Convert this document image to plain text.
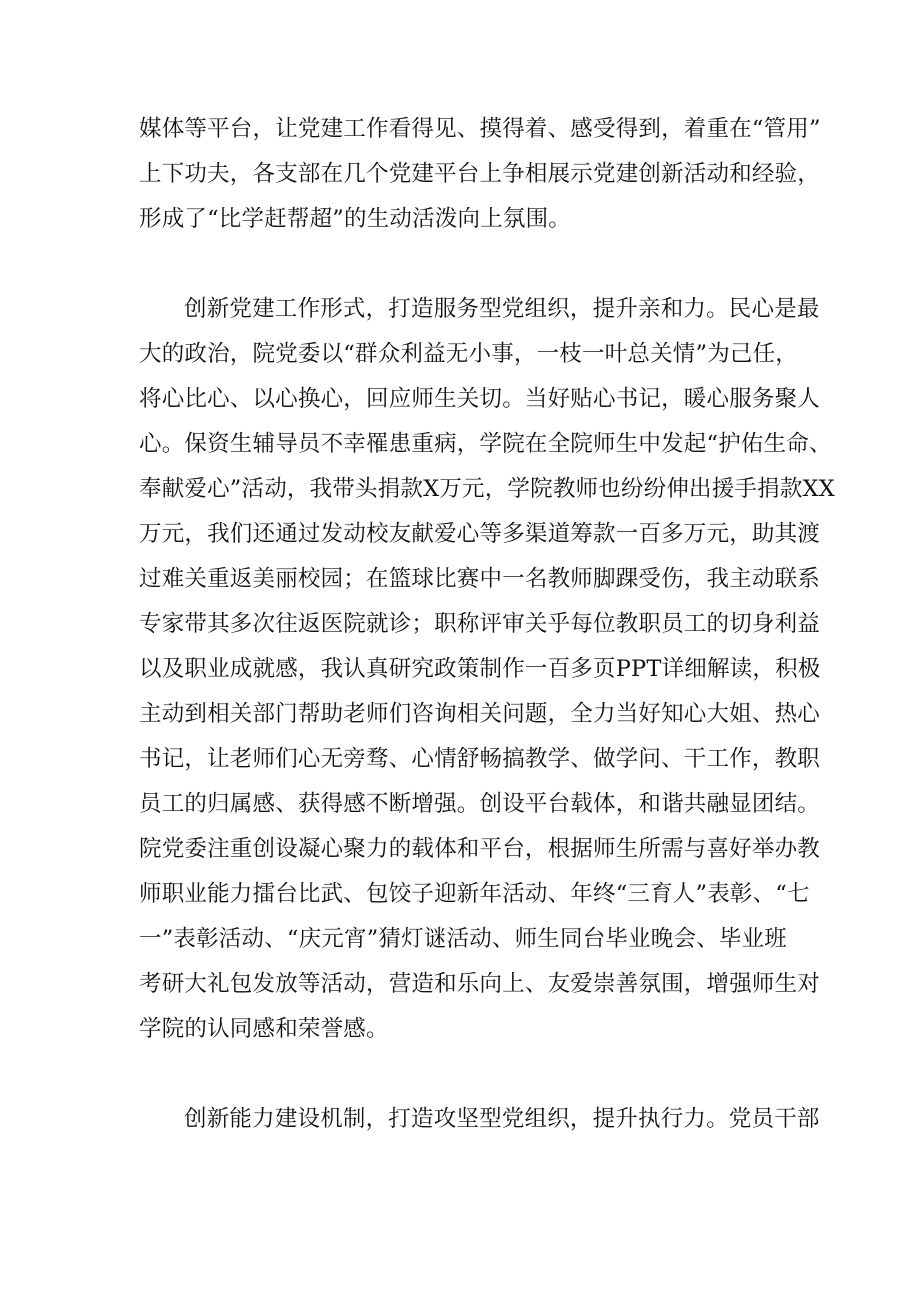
媒体等平台，让党建工作看得见、摸得着、感受得到，着重在“管用”
上下功夫，各支部在几个党建平台上争相展示党建创新活动和经验，
形成了“比学赶帮超”的生动活泼向上氛围。
创新党建工作形式，打造服务型党组织，提升亲和力。民心是最
大的政治，院党委以“群众利益无小事，一枝一叶总关情”为己任，
将心比心、以心换心，回应师生关切。当好贴心书记，暖心服务聚人
心。保资生辅导员不幸罹患重病，学院在全院师生中发起“护佑生命、
奉献爱心”活动，我带头捐款X万元，学院教师也纷纷伸出援手捐款XX
万元，我们还通过发动校友献爱心等多渠道筹款一百多万元，助其渡
过难关重返美丽校园；在篮球比赛中一名教师脚踝受伤，我主动联系
专家带其多次往返医院就诊；职称评审关乎每位教职员工的切身利益
以及职业成就感，我认真研究政策制作一百多页PPT详细解读，积极
主动到相关部门帮助老师们咨询相关问题，全力当好知心大姐、热心
书记，让老师们心无旁骛、心情舒畅搞教学、做学问、干工作，教职
员工的归属感、获得感不断增强。创设平台载体，和谐共融显团结。
院党委注重创设凝心聚力的载体和平台，根据师生所需与喜好举办教
师职业能力擂台比武、包饺子迎新年活动、年终“三育人”表彰、“七
一”表彰活动、“庆元宵”猜灯谜活动、师生同台毕业晚会、毕业班
考研大礼包发放等活动，营造和乐向上、友爱崇善氛围，增强师生对
学院的认同感和荣誉感。
创新能力建设机制，打造攻坚型党组织，提升执行力。党员干部
